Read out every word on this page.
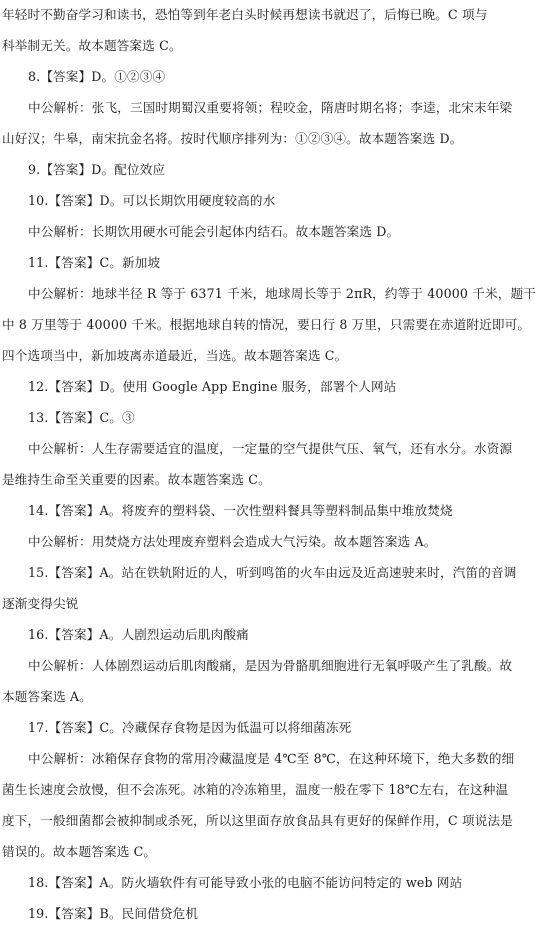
年轻时不勤奋学习和读书，恐怕等到年老白头时候再想读书就迟了，后悔已晚。C 项与
科举制无关。故本题答案选 C。
8.【答案】D。①②③④
中公解析：张飞，三国时期蜀汉重要将领；程咬金，隋唐时期名将；李逵，北宋末年梁
山好汉；牛皋，南宋抗金名将。按时代顺序排列为：①②③④。故本题答案选 D。
9.【答案】D。配位效应
10.【答案】D。可以长期饮用硬度较高的水
中公解析：长期饮用硬水可能会引起体内结石。故本题答案选 D。
11.【答案】C。新加坡
中公解析：地球半径 R 等于 6371 千米，地球周长等于 2πR，约等于 40000 千米，题干
中 8 万里等于 40000 千米。根据地球自转的情况，要日行 8 万里，只需要在赤道附近即可。
四个选项当中，新加坡离赤道最近，当选。故本题答案选 C。
12.【答案】D。使用 Google App Engine 服务，部署个人网站
13.【答案】C。③
中公解析：人生存需要适宜的温度，一定量的空气提供气压、氧气，还有水分。水资源
是维持生命至关重要的因素。故本题答案选 C。
14.【答案】A。将废弃的塑料袋、一次性塑料餐具等塑料制品集中堆放焚烧
中公解析：用焚烧方法处理废弃塑料会造成大气污染。故本题答案选 A。
15.【答案】A。站在铁轨附近的人，听到鸣笛的火车由远及近高速驶来时，汽笛的音调
逐渐变得尖锐
16.【答案】A。人剧烈运动后肌肉酸痛
中公解析：人体剧烈运动后肌肉酸痛，是因为骨骼肌细胞进行无氧呼吸产生了乳酸。故
本题答案选 A。
17.【答案】C。冷藏保存食物是因为低温可以将细菌冻死
中公解析：冰箱保存食物的常用冷藏温度是 4℃至 8℃，在这种环境下，绝大多数的细
菌生长速度会放慢，但不会冻死。冰箱的冷冻箱里，温度一般在零下 18℃左右，在这种温
度下，一般细菌都会被抑制或杀死，所以这里面存放食品具有更好的保鲜作用，C 项说法是
错误的。故本题答案选 C。
18.【答案】A。防火墙软件有可能导致小张的电脑不能访问特定的 web 网站
19.【答案】B。民间借贷危机
